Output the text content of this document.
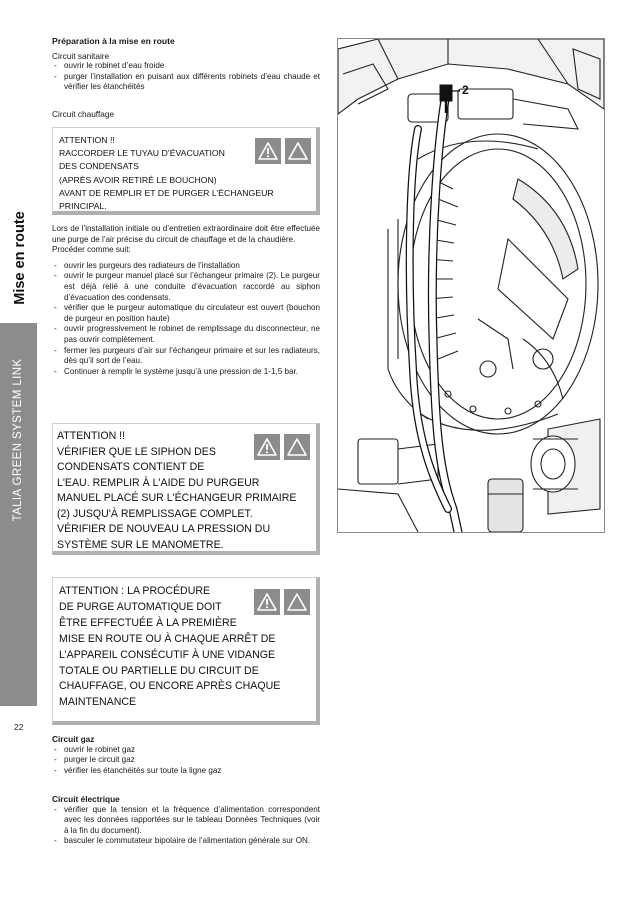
Mise en route
TALIA GREEN SYSTEM LINK
22
Préparation à la mise en route
Circuit sanitaire
- ouvrir le robinet d’eau froide
- purger l’installation en puisant aux différents robinets d’eau chaude et vérifier les étanchéités
Circuit chauffage
ATTENTION !!
RACCORDER LE TUYAU D’ÉVACUATION
DES CONDENSATS
(APRÈS AVOIR RETIRÉ LE BOUCHON)
AVANT DE REMPLIR ET DE PURGER L’ÉCHANGEUR
PRINCIPAL.
Lors de l’installation initiale ou d’entretien extraordinaire doit être effectuée une purge de l’air précise du circuit de chauffage et de la chaudière.
Procéder comme suit:
- ouvrir les purgeurs des radiateurs de l’installation
- ouvrir le purgeur manuel placé sur l’échangeur primaire (2). Le purgeur est déjà relié à une conduite d’évacuation raccordé au siphon d’évacuation des condensats.
- vérifier que le purgeur automatique du circulateur est ouvert (bouchon de purgeur en position haute)
- ouvrir progressivement le robinet de remplissage du disconnecteur, ne pas ouvrir complètement.
- fermer les purgeurs d’air sur l’échangeur primaire et sur les radiateurs, dès qu’il sort de l’eau.
- Continuer à remplir le système jusqu’à une pression de 1-1,5 bar.
ATTENTION !!
VÉRIFIER QUE LE SIPHON DES
CONDENSATS CONTIENT DE
L'EAU. REMPLIR À L'AIDE DU PURGEUR
MANUEL PLACÉ SUR L'ÉCHANGEUR PRIMAIRE
(2) JUSQU'À REMPLISSAGE COMPLET.
VÉRIFIER DE NOUVEAU LA PRESSION DU
SYSTÈME SUR LE MANOMETRE.
ATTENTION : LA PROCÉDURE
DE PURGE AUTOMATIQUE DOIT
ÊTRE EFFECTUÉE À LA PREMIÈRE
MISE EN ROUTE OU À CHAQUE ARRÊT DE
L’APPAREIL CONSÉCUTIF À UNE VIDANGE
TOTALE OU PARTIELLE DU CIRCUIT DE
CHAUFFAGE, OU ENCORE APRÈS CHAQUE
MAINTENANCE
Circuit gaz
- ouvrir le robinet gaz
- purger le circuit gaz
- vérifier les étanchéités sur toute la ligne gaz
Circuit électrique
- vérifier que la tension et la fréquence d’alimentation correspondent avec les données rapportées sur le tableau Données Techniques (voir à la fin du document).
- basculer le commutateur bipolaire de l’alimentation générale sur ON.
2
